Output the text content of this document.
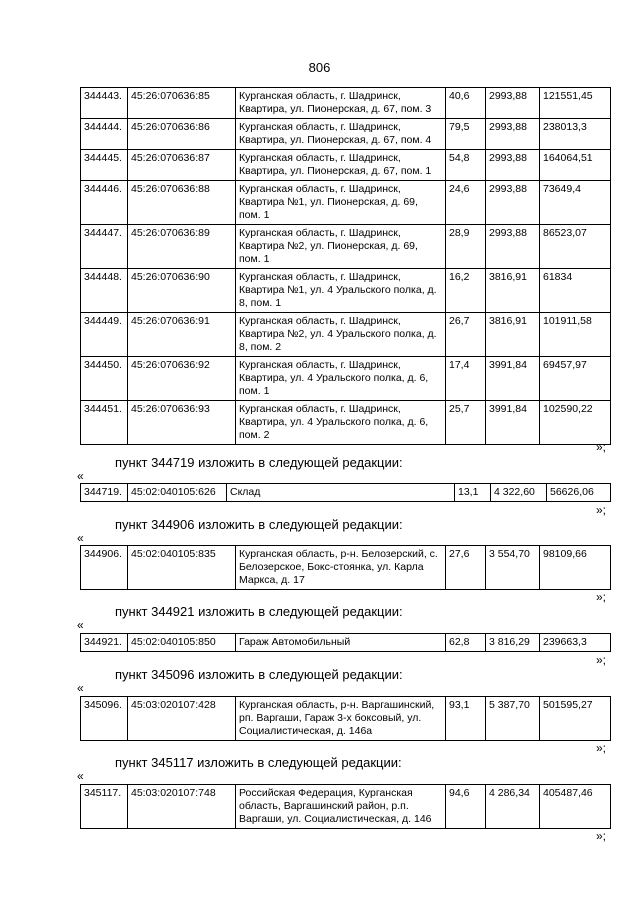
806
344443.	45:26:070636:85	Курганская область, г. Шадринск, Квартира, ул. Пионерская, д. 67, пом. 3	40,6	2993,88	121551,45
344444.	45:26:070636:86	Курганская область, г. Шадринск, Квартира, ул. Пионерская, д. 67, пом. 4	79,5	2993,88	238013,3
344445.	45:26:070636:87	Курганская область, г. Шадринск, Квартира, ул. Пионерская, д. 67, пом. 1	54,8	2993,88	164064,51
344446.	45:26:070636:88	Курганская область, г. Шадринск, Квартира №1, ул. Пионерская, д. 69, пом. 1	24,6	2993,88	73649,4
344447.	45:26:070636:89	Курганская область, г. Шадринск, Квартира №2, ул. Пионерская, д. 69, пом. 1	28,9	2993,88	86523,07
344448.	45:26:070636:90	Курганская область, г. Шадринск, Квартира №1, ул. 4 Уральского полка, д. 8, пом. 1	16,2	3816,91	61834
344449.	45:26:070636:91	Курганская область, г. Шадринск, Квартира №2, ул. 4 Уральского полка, д. 8, пом. 2	26,7	3816,91	101911,58
344450.	45:26:070636:92	Курганская область, г. Шадринск, Квартира, ул. 4 Уральского полка, д. 6, пом. 1	17,4	3991,84	69457,97
344451.	45:26:070636:93	Курганская область, г. Шадринск, Квартира, ул. 4 Уральского полка, д. 6, пом. 2	25,7	3991,84	102590,22
»;
пункт 344719 изложить в следующей редакции:
«
344719.	45:02:040105:626	Склад	13,1	4 322,60	56626,06
»;
пункт 344906 изложить в следующей редакции:
«
344906.	45:02:040105:835	Курганская область, р-н. Белозерский, с. Белозерское, Бокс-стоянка, ул. Карла Маркса, д. 17	27,6	3 554,70	98109,66
»;
пункт 344921 изложить в следующей редакции:
«
344921.	45:02:040105:850	Гараж Автомобильный	62,8	3 816,29	239663,3
»;
пункт 345096 изложить в следующей редакции:
«
345096.	45:03:020107:428	Курганская область, р-н. Варгашинский, рп. Варгаши, Гараж 3-х боксовый, ул. Социалистическая, д. 146а	93,1	5 387,70	501595,27
»;
пункт 345117 изложить в следующей редакции:
«
345117.	45:03:020107:748	Российская Федерация, Курганская область, Варгашинский район, р.п. Варгаши, ул. Социалистическая, д. 146	94,6	4 286,34	405487,46
»;
